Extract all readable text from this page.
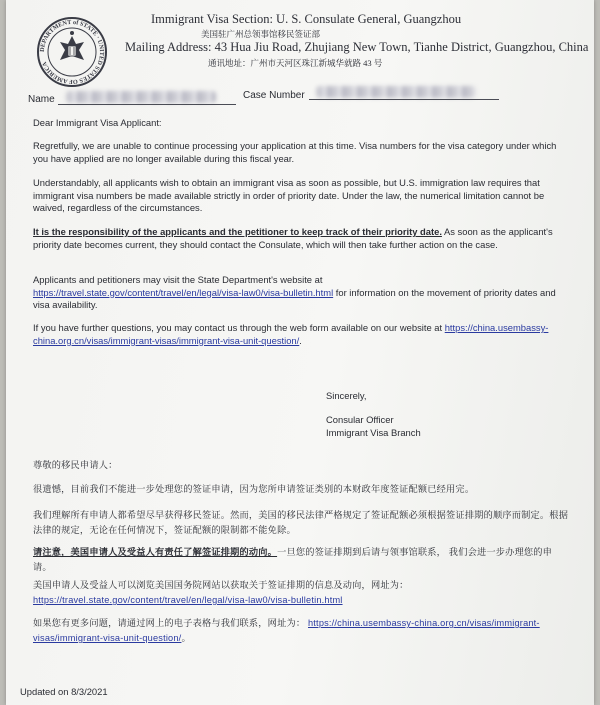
DEPARTMENT of STATE · UNITED STATES OF AMERICA
Immigrant Visa Section: U. S. Consulate General, Guangzhou
美国驻广州总领事馆移民签证部
Mailing Address: 43 Hua Jiu Road, Zhujiang New Town, Tianhe District, Guangzhou, China
通讯地址：广州市天河区珠江新城华就路 43 号
Name	Case Number

Dear Immigrant Visa Applicant:

Regretfully, we are unable to continue processing your application at this time. Visa numbers for the visa category under which you have applied are no longer available during this fiscal year.

Understandably, all applicants wish to obtain an immigrant visa as soon as possible, but U.S. immigration law requires that immigrant visa numbers be made available strictly in order of priority date. Under the law, the numerical limitation cannot be waived, regardless of the circumstances.

It is the responsibility of the applicants and the petitioner to keep track of their priority date. As soon as the applicant's priority date becomes current, they should contact the Consulate, which will then take further action on the case.

Applicants and petitioners may visit the State Department's website at
https://travel.state.gov/content/travel/en/legal/visa-law0/visa-bulletin.html for information on the movement of priority dates and visa availability.

If you have further questions, you may contact us through the web form available on our website at https://china.usembassy-china.org.cn/visas/immigrant-visas/immigrant-visa-unit-question/.

Sincerely,
Consular Officer
Immigrant Visa Branch

尊敬的移民申请人：

很遗憾，目前我们不能进一步处理您的签证申请，因为您所申请签证类别的本财政年度签证配额已经用完。

我们理解所有申请人都希望尽早获得移民签证。然而，美国的移民法律严格规定了签证配额必须根据签证排期的顺序而制定。根据法律的规定，无论在任何情况下，签证配额的限制都不能免除。

请注意，美国申请人及受益人有责任了解签证排期的动向。一旦您的签证排期到后请与领事馆联系， 我们会进一步办理您的申请。

美国申请人及受益人可以浏览美国国务院网站以获取关于签证排期的信息及动向，网址为：
https://travel.state.gov/content/travel/en/legal/visa-law0/visa-bulletin.html

如果您有更多问题，请通过网上的电子表格与我们联系，网址为： https://china.usembassy-china.org.cn/visas/immigrant-visas/immigrant-visa-unit-question/。

Updated on 8/3/2021
